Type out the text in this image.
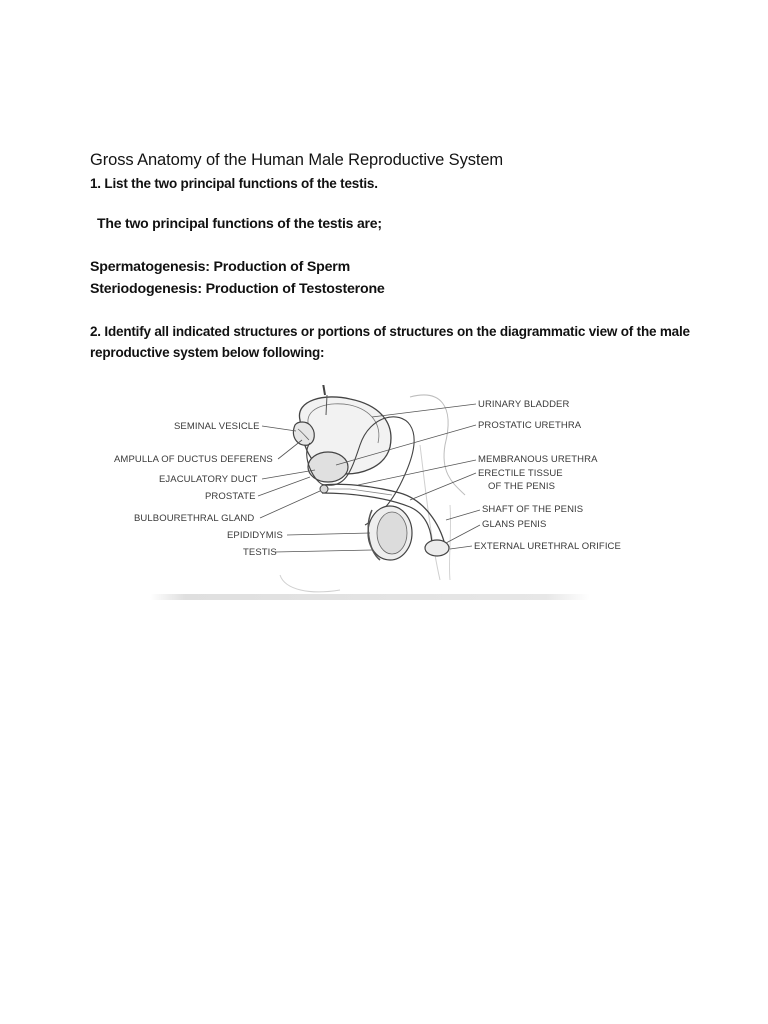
Gross Anatomy of the Human Male Reproductive System
1. List the two principal functions of the testis.
The two principal functions of the testis are;
Spermatogenesis: Production of Sperm
Steriodogenesis: Production of Testosterone
2. Identify all indicated structures or portions of structures on the diagrammatic view of the male reproductive system below following:
SEMINAL VESICLE
AMPULLA OF DUCTUS DEFERENS
EJACULATORY DUCT
PROSTATE
BULBOURETHRAL GLAND
EPIDIDYMIS
TESTIS
URINARY BLADDER
PROSTATIC URETHRA
MEMBRANOUS URETHRA
ERECTILE TISSUE
OF THE PENIS
SHAFT OF THE PENIS
GLANS PENIS
EXTERNAL URETHRAL ORIFICE
